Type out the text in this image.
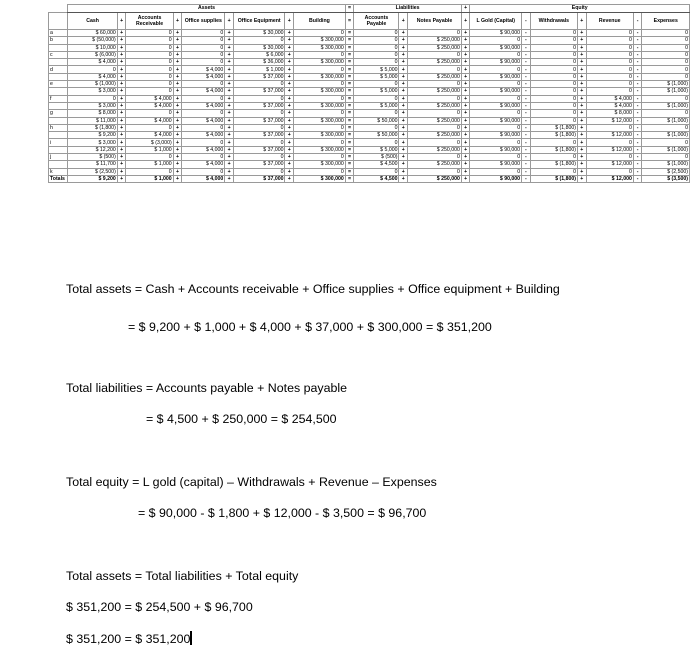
	Assets									=	Liabilities			+	Equity						
	Cash	+	Accounts Receivable	+	Office supplies	+	Office Equipment	+	Building	=	Accounts Payable	+	Notes Payable	+	L Gold (Capital)	-	Withdrawals	+	Revenue	-	Expenses
a	$ 60,000	+	0	+	0	+	$ 30,000	+	0	=	0	+	0	+	$ 90,000	-	0	+	0	-	0
b	$ (50,000)	+	0	+	0	+	0	+	$ 300,000	=	0	+	$ 250,000	+	0	-	0	+	0	-	0
	$ 10,000	+	0	+	0	+	$ 30,000	+	$ 300,000	=	0	+	$ 250,000	+	$ 90,000	-	0	+	0	-	0
c	$ (6,000)	+	0	+	0	+	$ 6,000	+	0	=	0	+	0	+	0	-	0	+	0	-	0
	$ 4,000	+	0	+	0	+	$ 36,000	+	$ 300,000	=	0	+	$ 250,000	+	$ 90,000	-	0	+	0	-	0
d	0	+	0	+	$ 4,000	+	$ 1,000	+	0	=	$ 5,000	+	0	+	0	-	0	+	0	-	0
	$ 4,000	+	0	+	$ 4,000	+	$ 37,000	+	$ 300,000	=	$ 5,000	+	$ 250,000	+	$ 90,000	-	0	+	0	-	0
e	$ (1,000)	+	0	+	0	+	0	+	0	=	0	+	0	+	0	-	0	+	0	-	$ (1,000)
	$ 3,000	+	0	+	$ 4,000	+	$ 37,000	+	$ 300,000	=	$ 5,000	+	$ 250,000	+	$ 90,000	-	0	+	0	-	$ (1,000)
f	0	+	$ 4,000	+	0	+	0	+	0	=	0	+	0	+	0	-	0	+	$ 4,000	-	0
	$ 3,000	+	$ 4,000	+	$ 4,000	+	$ 37,000	+	$ 300,000	=	$ 5,000	+	$ 250,000	+	$ 90,000	-	0	+	$ 4,000	-	$ (1,000)
g	$ 8,000	+	0	+	0	+	0	+	0	=	0	+	0	+	0	-	0	+	$ 8,000	-	0
	$ 11,000	+	$ 4,000	+	$ 4,000	+	$ 37,000	+	$ 300,000	=	$ 50,000	+	$ 250,000	+	$ 90,000	-	0	+	$ 12,000	-	$ (1,000)
h	$ (1,800)	+	0	+	0	+	0	+	0	=	0	+	0	+	0	-	$ (1,800)	+	0	-	0
	$ 9,200	+	$ 4,000	+	$ 4,000	+	$ 37,000	+	$ 300,000	=	$ 50,000	+	$ 250,000	+	$ 90,000	-	$ (1,800)	+	$ 12,000	-	$ (1,000)
i	$ 3,000	+	$ (3,000)	+	0	+	0	+	0	=	0	+	0	+	0	-	0	+	0	-	0
	$ 12,200	+	$ 1,000	+	$ 4,000	+	$ 37,000	+	$ 300,000	=	$ 5,000	+	$ 250,000	+	$ 90,000	-	$ (1,800)	+	$ 12,000	-	$ (1,000)
j	$ (500)	+	0	+	0	+	0	+	0	=	$ (500)	+	0	+	0	-	0	+	0	-	0
	$ 11,700	+	$ 1,000	+	$ 4,000	+	$ 37,000	+	$ 300,000	=	$ 4,500	+	$ 250,000	+	$ 90,000	-	$ (1,800)	+	$ 12,000	-	$ (1,000)
k	$ (2,500)	+	0	+	0	+	0	+	0	=	0	+	0	+	0	-	0	+	0	-	$ (2,500)
Totals	$ 9,200	+	$ 1,000	+	$ 4,000	+	$ 37,000	+	$ 300,000	=	$ 4,500	+	$ 250,000	+	$ 90,000	-	$ (1,800)	+	$ 12,000	-	$ (3,500)
Total assets = Cash + Accounts receivable + Office supplies + Office equipment + Building
= $ 9,200 + $ 1,000 + $ 4,000 + $ 37,000 + $ 300,000 = $ 351,200
Total liabilities = Accounts payable + Notes payable
= $ 4,500 + $ 250,000 = $ 254,500
Total equity = L gold (capital) – Withdrawals + Revenue – Expenses
= $ 90,000 - $ 1,800 + $ 12,000 - $ 3,500 = $ 96,700
Total assets = Total liabilities + Total equity
$ 351,200 = $ 254,500 + $ 96,700
$ 351,200 = $ 351,200
